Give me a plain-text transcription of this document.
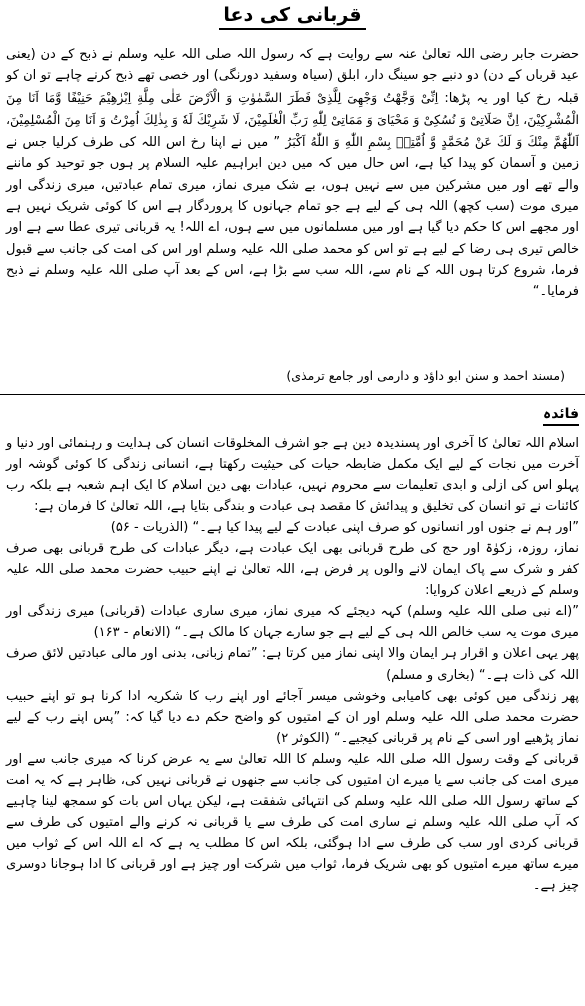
قربانی کی دعا
حضرت جابر رضی اللہ تعالیٰ عنہ سے روایت ہے کہ رسول اللہ صلی اللہ علیہ وسلم نے ذبح کے دن (یعنی عید قرباں کے دن) دو دنبے جو سینگ دار، ابلق (سیاہ وسفید دورنگی) اور خصی تھے ذبح کرنے چاہے تو ان کو قبلہ رخ کیا اور یہ پڑھا: اِنِّیْ وَجَّهْتُ وَجْهِیَ لِلَّذِیْ فَطَرَ السَّمٰوٰتِ وَ الْاَرْضَ عَلٰی مِلَّةِ اِبْرٰهِیْمَ حَنِیْفًا وَّمَا اَنَا مِنَ الْمُشْرِكِیْنَ، اِنَّ صَلَاتِیْ وَ نُسُكِیْ وَ مَحْیَایَ وَ مَمَاتِیْ لِلّٰهِ رَبِّ الْعٰلَمِیْنَ، لَا شَرِیْكَ لَهٗ وَ بِذٰلِكَ اُمِرْتُ وَ اَنَا مِنَ الْمُسْلِمِیْنَ، اَللّٰهُمَّ مِنْكَ وَ لَكَ عَنْ مُحَمَّدٍ وَّ اُمَّتِهٖ بِسْمِ اللّٰهِ وَ اللّٰهُ اَكْبَرُ ” میں نے اپنا رخ اس اللہ کی طرف کرلیا جس نے زمین و آسمان کو پیدا کیا ہے، اس حال میں کہ میں دین ابراہیم علیہ السلام پر ہوں جو توحید کو ماننے والے تھے اور میں مشرکین میں سے نہیں ہوں، بے شک میری نماز، میری تمام عبادتیں، میری زندگی اور میری موت (سب کچھ) اللہ ہی کے لیے ہے جو تمام جہانوں کا پروردگار ہے اس کا کوئی شریک نہیں ہے اور مجھے اس کا حکم دیا گیا ہے اور میں مسلمانوں میں سے ہوں، اے اللہ! یہ قربانی تیری عطا سے ہے اور خالص تیری ہی رضا کے لیے ہے تو اس کو محمد صلی اللہ علیہ وسلم اور اس کی امت کی جانب سے قبول فرما، شروع کرتا ہوں اللہ کے نام سے، اللہ سب سے بڑا ہے، اس کے بعد آپ صلی اللہ علیہ وسلم نے ذبح فرمایا۔“
(مسند احمد و سنن ابو داؤد و دارمی اور جامع ترمذی)
فائدہ

اسلام اللہ تعالیٰ کا آخری اور پسندیدہ دین ہے جو اشرف المخلوقات انسان کی ہدایت و رہنمائی اور دنیا و آخرت میں نجات کے لیے ایک مکمل ضابطہ حیات کی حیثیت رکھتا ہے، انسانی زندگی کا کوئی گوشہ اور پہلو اس کی ازلی و ابدی تعلیمات سے محروم نہیں، عبادات بھی دین اسلام کا ایک اہم شعبہ ہے بلکہ رب کائنات نے تو انسان کی تخلیق و پیدائش کا مقصد ہی عبادت و بندگی بتایا ہے، اللہ تعالیٰ کا فرمان ہے:

”اور ہم نے جنوں اور انسانوں کو صرف اپنی عبادت کے لیے پیدا کیا ہے۔“ (الذریات - ۵۶)

نماز، روزہ، زکوٰۃ اور حج کی طرح قربانی بھی ایک عبادت ہے، دیگر عبادات کی طرح قربانی بھی صرف کفر و شرک سے پاک ایمان لانے والوں پر فرض ہے، اللہ تعالیٰ نے اپنے حبیب حضرت محمد صلی اللہ علیہ وسلم کے ذریعے اعلان کروایا:

”(اے نبی صلی اللہ علیہ وسلم) کہہ دیجئے کہ میری نماز، میری ساری عبادات (قربانی) میری زندگی اور میری موت یہ سب خالص اللہ ہی کے لیے ہے جو سارے جہان کا مالک ہے۔“ (الانعام - ۱۶۳)

پھر یہی اعلان و اقرار ہر ایمان والا اپنی نماز میں کرتا ہے: ”تمام زبانی، بدنی اور مالی عبادتیں لائق صرف اللہ کی ذات ہے۔“ (بخاری و مسلم)

پھر زندگی میں کوئی بھی کامیابی وخوشی میسر آجائے اور اپنے رب کا شکریہ ادا کرنا ہو تو اپنے حبیب حضرت محمد صلی اللہ علیہ وسلم اور ان کے امتیوں کو واضح حکم دے دیا گیا کہ: ”پس اپنے رب کے لیے نماز پڑھیے اور اسی کے نام پر قربانی کیجیے۔“ (الکوثر ۲)

قربانی کے وقت رسول اللہ صلی اللہ علیہ وسلم کا اللہ تعالیٰ سے یہ عرض کرنا کہ میری جانب سے اور میری امت کی جانب سے یا میرے ان امتیوں کی جانب سے جنھوں نے قربانی نہیں کی، ظاہر ہے کہ یہ امت کے ساتھ رسول اللہ صلی اللہ علیہ وسلم کی انتہائی شفقت ہے، لیکن یہاں اس بات کو سمجھ لینا چاہیے کہ آپ صلی اللہ علیہ وسلم نے ساری امت کی طرف سے یا قربانی نہ کرنے والے امتیوں کی طرف سے قربانی کردی اور سب کی طرف سے ادا ہوگئی، بلکہ اس کا مطلب یہ ہے کہ اے اللہ اس کے ثواب میں میرے ساتھ میرے امتیوں کو بھی شریک فرما، ثواب میں شرکت اور چیز ہے اور قربانی کا ادا ہوجانا دوسری چیز ہے۔
